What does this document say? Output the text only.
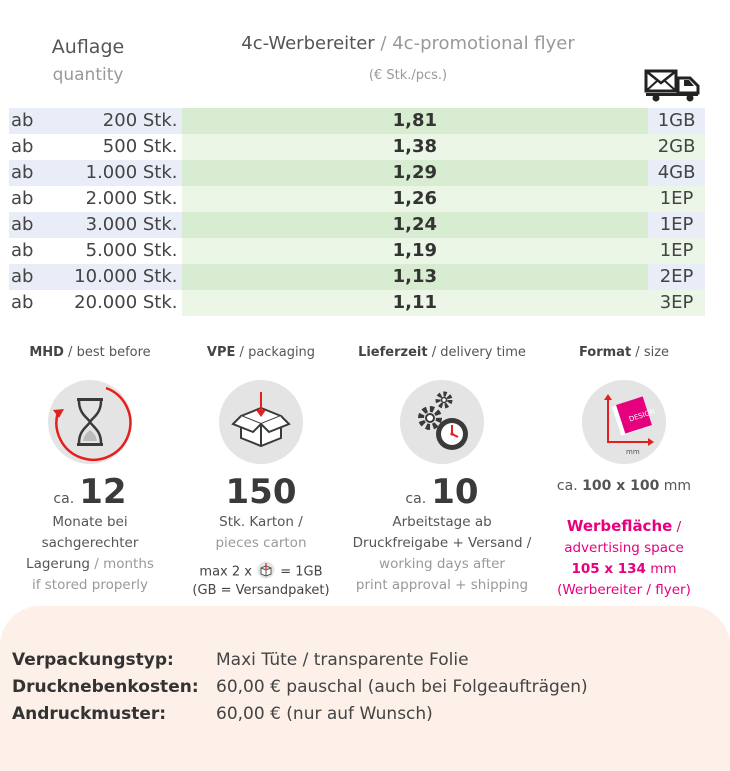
Auflage
quantity
4c-Werbereiter / 4c-promotional flyer
(€ Stk./pcs.)
ab	200 Stk.	1,81	1GB
ab	500 Stk.	1,38	2GB
ab	1.000 Stk.	1,29	4GB
ab	2.000 Stk.	1,26	1EP
ab	3.000 Stk.	1,24	1EP
ab	5.000 Stk.	1,19	1EP
ab	10.000 Stk.	1,13	2EP
ab	20.000 Stk.	1,11	3EP
MHD / best before
ca. 12
Monate bei
sachgerechter
Lagerung / months
if stored properly
VPE / packaging
150
Stk. Karton /
pieces carton
max 2 x = 1GB
(GB = Versandpaket)
Lieferzeit / delivery time
ca. 10
Arbeitstage ab
Druckfreigabe + Versand /
working days after
print approval + shipping
Format / size
DESIGN
mm
ca. 100 x 100 mm
Werbefläche /
advertising space
105 x 134 mm
(Werbereiter / flyer)
Verpackungstyp: Maxi Tüte / transparente Folie
Drucknebenkosten: 60,00 € pauschal (auch bei Folgeaufträgen)
Andruckmuster:	60,00 € (nur auf Wunsch)
